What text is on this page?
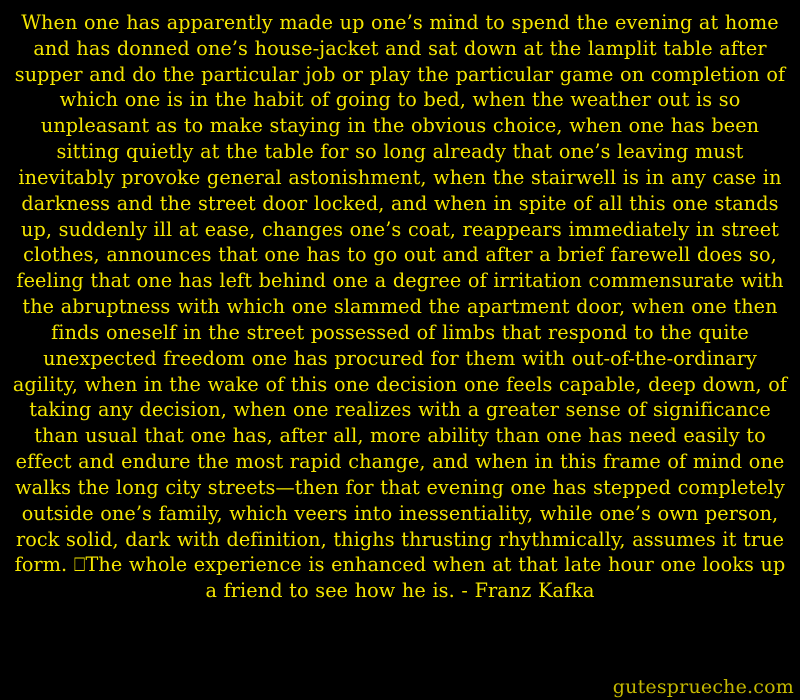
When one has apparently made up one’s mind to spend the evening at home and has donned one’s house-jacket and sat down at the lamplit table after supper and do the particular job or play the particular game on completion of which one is in the habit of going to bed, when the weather out is so unpleasant as to make staying in the obvious choice, when one has been sitting quietly at the table for so long already that one’s leaving must inevitably provoke general astonishment, when the stairwell is in any case in darkness and the street door locked, and when in spite of all this one stands up, suddenly ill at ease, changes one’s coat, reappears immediately in street clothes, announces that one has to go out and after a brief farewell does so, feeling that one has left behind one a degree of irritation commensurate with the abruptness with which one slammed the apartment door, when one then finds oneself in the street possessed of limbs that respond to the quite unexpected freedom one has procured for them with out-of-the-ordinary agility, when in the wake of this one decision one feels capable, deep down, of taking any decision, when one realizes with a greater sense of significance than usual that one has, after all, more ability than one has need easily to effect and endure the most rapid change, and when in this frame of mind one walks the long city streets—then for that evening one has stepped completely outside one’s family, which veers into inessentiality, while one’s own person, rock solid, dark with definition, thighs thrusting rhythmically, assumes it true form. ⎕The whole experience is enhanced when at that late hour one looks up a friend to see how he is. - Franz Kafka

gutesprueche.com
